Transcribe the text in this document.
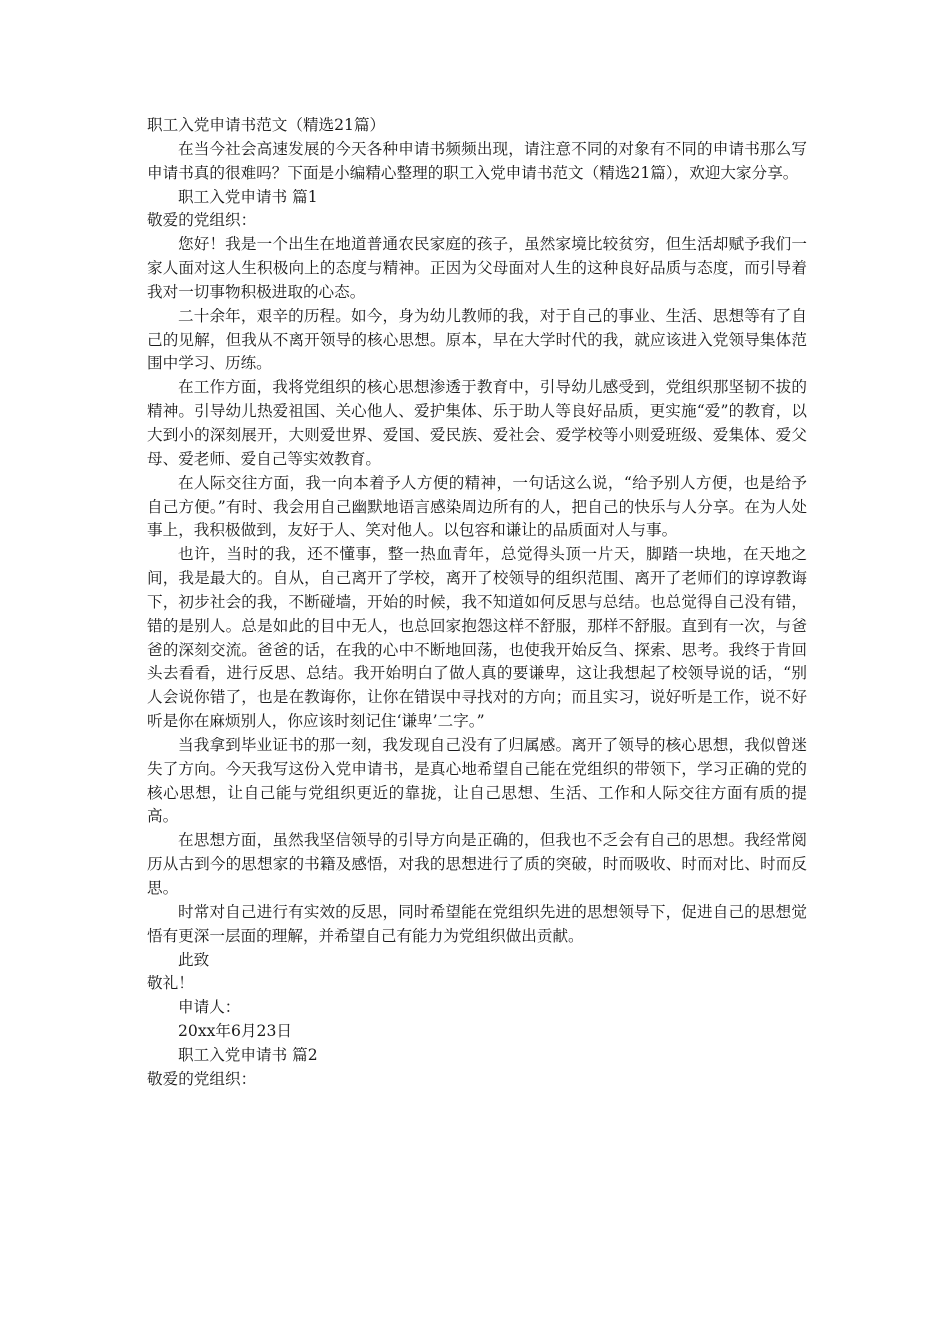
职工入党申请书范文（精选21篇）

在当今社会高速发展的今天各种申请书频频出现，请注意不同的对象有不同的申请书那么写申请书真的很难吗？下面是小编精心整理的职工入党申请书范文（精选21篇），欢迎大家分享。

职工入党申请书 篇1

敬爱的党组织：

您好！我是一个出生在地道普通农民家庭的孩子，虽然家境比较贫穷，但生活却赋予我们一家人面对这人生积极向上的态度与精神。正因为父母面对人生的这种良好品质与态度，而引导着我对一切事物积极进取的心态。

二十余年，艰辛的历程。如今，身为幼儿教师的我，对于自己的事业、生活、思想等有了自己的见解，但我从不离开领导的核心思想。原本，早在大学时代的我，就应该进入党领导集体范围中学习、历练。

在工作方面，我将党组织的核心思想渗透于教育中，引导幼儿感受到，党组织那坚韧不拔的精神。引导幼儿热爱祖国、关心他人、爱护集体、乐于助人等良好品质，更实施“爱”的教育，以大到小的深刻展开，大则爱世界、爱国、爱民族、爱社会、爱学校等小则爱班级、爱集体、爱父母、爱老师、爱自己等实效教育。

在人际交往方面，我一向本着予人方便的精神，一句话这么说，“给予别人方便，也是给予自己方便。”有时、我会用自己幽默地语言感染周边所有的人，把自己的快乐与人分享。在为人处事上，我积极做到，友好于人、笑对他人。以包容和谦让的品质面对人与事。

也许，当时的我，还不懂事，整一热血青年，总觉得头顶一片天，脚踏一块地，在天地之间，我是最大的。自从，自己离开了学校，离开了校领导的组织范围、离开了老师们的谆谆教诲下，初步社会的我，不断碰墙，开始的时候，我不知道如何反思与总结。也总觉得自己没有错，错的是别人。总是如此的目中无人，也总回家抱怨这样不舒服，那样不舒服。直到有一次，与爸爸的深刻交流。爸爸的话，在我的心中不断地回荡，也使我开始反刍、探索、思考。我终于肯回头去看看，进行反思、总结。我开始明白了做人真的要谦卑，这让我想起了校领导说的话，“别人会说你错了，也是在教诲你，让你在错误中寻找对的方向；而且实习，说好听是工作，说不好听是你在麻烦别人，你应该时刻记住‘谦卑’二字。”

当我拿到毕业证书的那一刻，我发现自己没有了归属感。离开了领导的核心思想，我似曾迷失了方向。今天我写这份入党申请书，是真心地希望自己能在党组织的带领下，学习正确的党的核心思想，让自己能与党组织更近的靠拢，让自己思想、生活、工作和人际交往方面有质的提高。

在思想方面，虽然我坚信领导的引导方向是正确的，但我也不乏会有自己的思想。我经常阅历从古到今的思想家的书籍及感悟，对我的思想进行了质的突破，时而吸收、时而对比、时而反思。

时常对自己进行有实效的反思，同时希望能在党组织先进的思想领导下，促进自己的思想觉悟有更深一层面的理解，并希望自己有能力为党组织做出贡献。

此致

敬礼！

申请人：

20xx年6月23日

职工入党申请书 篇2

敬爱的党组织：
